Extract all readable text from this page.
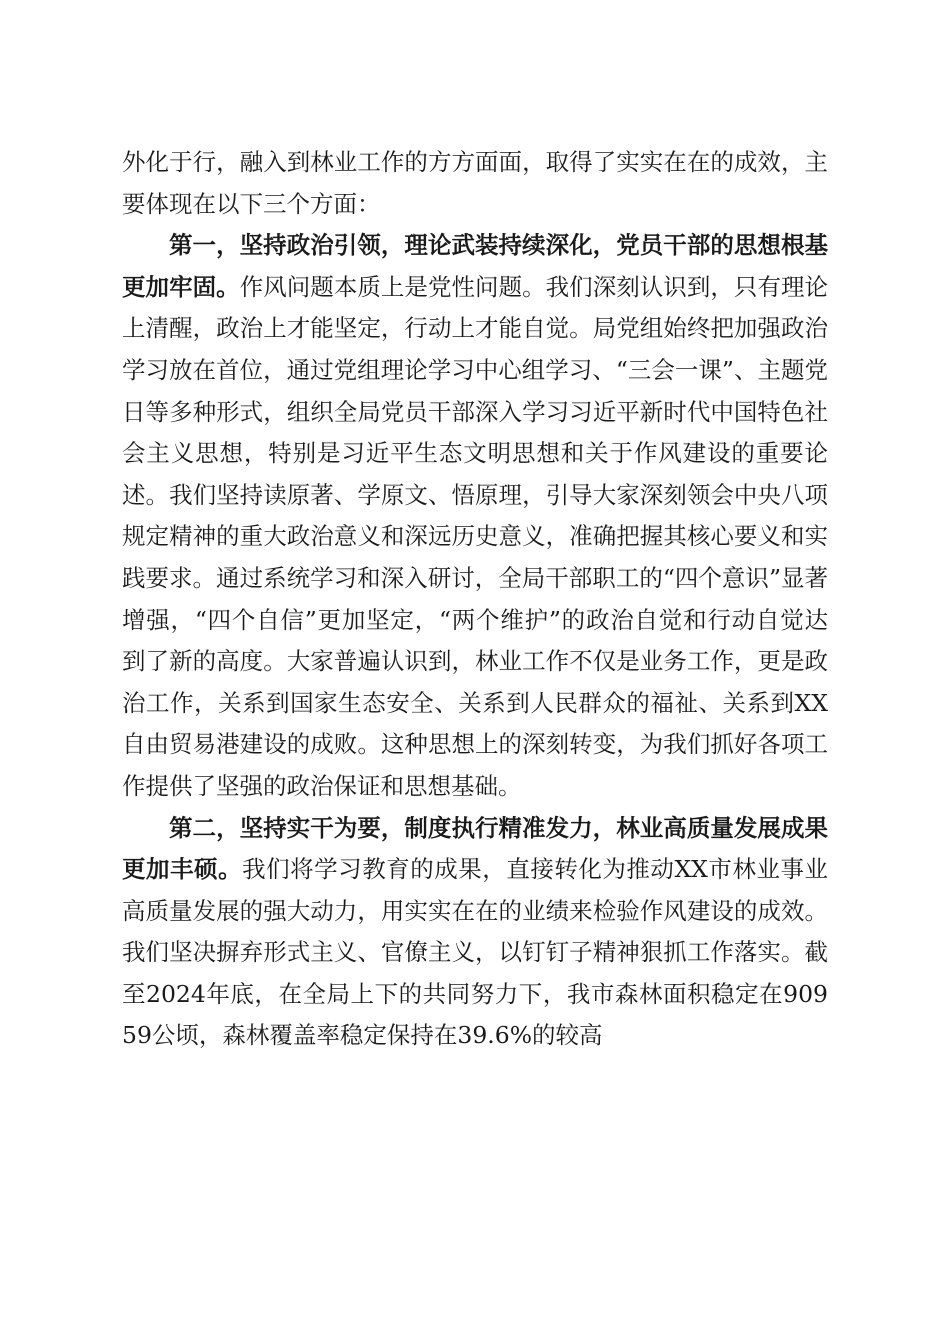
外化于行，融入到林业工作的方方面面，取得了实实在在的成效，主要体现在以下三个方面：

第一，坚持政治引领，理论武装持续深化，党员干部的思想根基更加牢固。作风问题本质上是党性问题。我们深刻认识到，只有理论上清醒，政治上才能坚定，行动上才能自觉。局党组始终把加强政治学习放在首位，通过党组理论学习中心组学习、“三会一课”、主题党日等多种形式，组织全局党员干部深入学习习近平新时代中国特色社会主义思想，特别是习近平生态文明思想和关于作风建设的重要论述。我们坚持读原著、学原文、悟原理，引导大家深刻领会中央八项规定精神的重大政治意义和深远历史意义，准确把握其核心要义和实践要求。通过系统学习和深入研讨，全局干部职工的“四个意识”显著增强，“四个自信”更加坚定，“两个维护”的政治自觉和行动自觉达到了新的高度。大家普遍认识到，林业工作不仅是业务工作，更是政治工作，关系到国家生态安全、关系到人民群众的福祉、关系到XX自由贸易港建设的成败。这种思想上的深刻转变，为我们抓好各项工作提供了坚强的政治保证和思想基础。

第二，坚持实干为要，制度执行精准发力，林业高质量发展成果更加丰硕。我们将学习教育的成果，直接转化为推动XX市林业事业高质量发展的强大动力，用实实在在的业绩来检验作风建设的成效。我们坚决摒弃形式主义、官僚主义，以钉钉子精神狠抓工作落实。截至2024年底，在全局上下的共同努力下，我市森林面积稳定在90959公顷，森林覆盖率稳定保持在39.6%的较高
